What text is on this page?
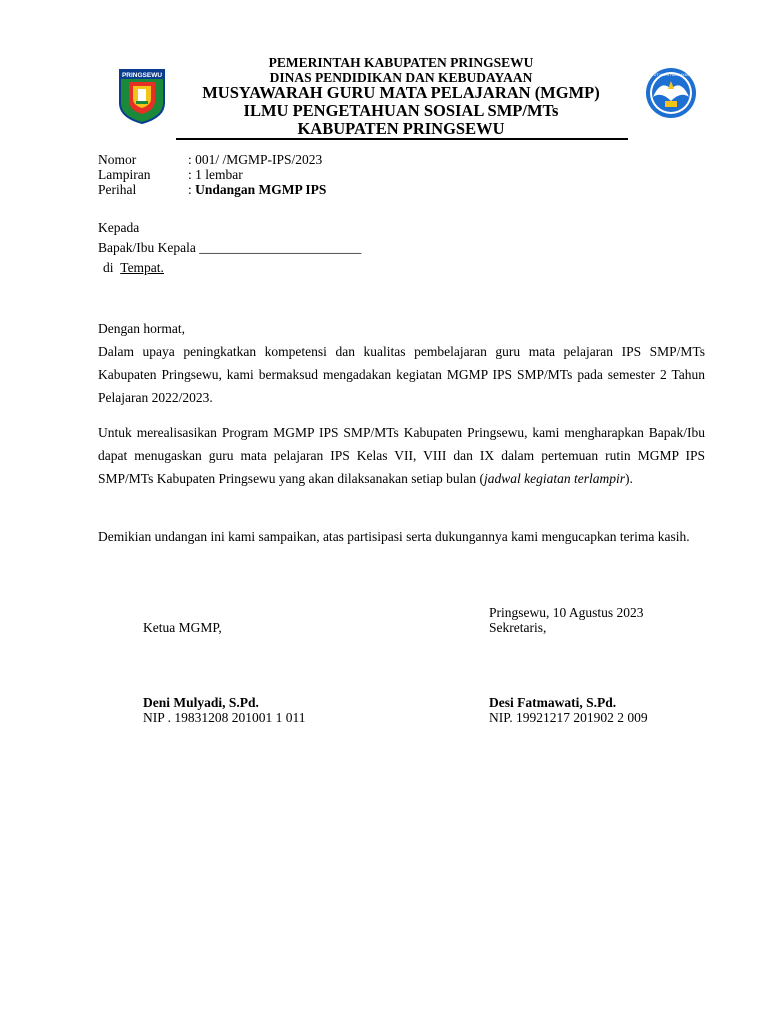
PRINGSEWU	TUT WURI HANDAYANI
PEMERINTAH KABUPATEN PRINGSEWU
DINAS PENDIDIKAN DAN KEBUDAYAAN
MUSYAWARAH GURU MATA PELAJARAN (MGMP)
ILMU PENGETAHUAN SOSIAL SMP/MTs
KABUPATEN PRINGSEWU
Nomor	: 001/ /MGMP-IPS/2023
Lampiran	: 1 lembar
Perihal	: Undangan MGMP IPS
Kepada
Bapak/Ibu Kepala ________________________
di Tempat.
Dengan hormat,
Dalam upaya peningkatkan kompetensi dan kualitas pembelajaran guru mata pelajaran IPS SMP/MTs Kabupaten Pringsewu, kami bermaksud mengadakan kegiatan MGMP IPS SMP/MTs pada semester 2 Tahun Pelajaran 2022/2023.
Untuk merealisasikan Program MGMP IPS SMP/MTs Kabupaten Pringsewu, kami mengharapkan Bapak/Ibu dapat menugaskan guru mata pelajaran IPS Kelas VII, VIII dan IX dalam pertemuan rutin MGMP IPS SMP/MTs Kabupaten Pringsewu yang akan dilaksanakan setiap bulan (jadwal kegiatan terlampir).
Demikian undangan ini kami sampaikan, atas partisipasi serta dukungannya kami mengucapkan terima kasih.
Pringsewu, 10 Agustus 2023
Ketua MGMP,	Sekretaris,
Deni Mulyadi, S.Pd.
NIP . 19831208 201001 1 011
Desi Fatmawati, S.Pd.
NIP. 19921217 201902 2 009
